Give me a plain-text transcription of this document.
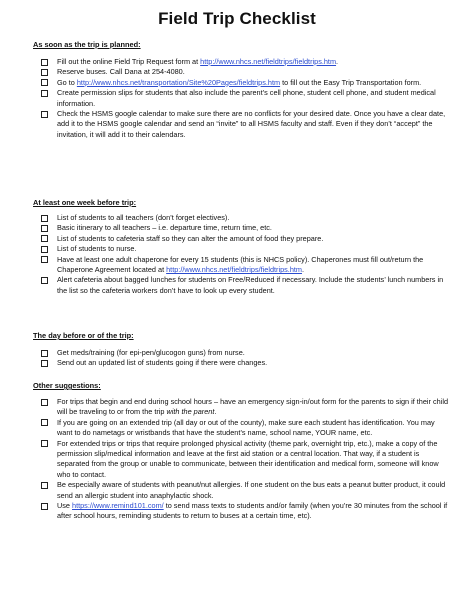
Field Trip Checklist
As soon as the trip is planned:
Fill out the online Field Trip Request form at http://www.nhcs.net/fieldtrips/fieldtrips.htm.
Reserve buses. Call Dana at 254-4080.
Go to http://www.nhcs.net/transportation/Site%20Pages/fieldtrips.htm to fill out the Easy Trip Transportation form.
Create permission slips for students that also include the parent’s cell phone, student cell phone, and student medical information.
Check the HSMS google calendar to make sure there are no conflicts for your desired date. Once you have a clear date, add it to the HSMS google calendar and send an “invite” to all HSMS faculty and staff. Even if they don’t “accept” the invitation, it will add it to their calendars.
At least one week before trip:
List of students to all teachers (don’t forget electives).
Basic itinerary to all teachers – i.e. departure time, return time, etc.
List of students to cafeteria staff so they can alter the amount of food they prepare.
List of students to nurse.
Have at least one adult chaperone for every 15 students (this is NHCS policy). Chaperones must fill out/return the Chaperone Agreement located at http://www.nhcs.net/fieldtrips/fieldtrips.htm.
Alert cafeteria about bagged lunches for students on Free/Reduced if necessary. Include the students’ lunch numbers in the list so the cafeteria workers don’t have to look up every student.
The day before or of the trip:
Get meds/training (for epi-pen/glucogon guns) from nurse.
Send out an updated list of students going if there were changes.
Other suggestions:
For trips that begin and end during school hours – have an emergency sign-in/out form for the parents to sign if their child will be traveling to or from the trip with the parent.
If you are going on an extended trip (all day or out of the county), make sure each student has identification. You may want to do nametags or wristbands that have the student’s name, school name, YOUR name, etc.
For extended trips or trips that require prolonged physical activity (theme park, overnight trip, etc.), make a copy of the permission slip/medical information and leave at the first aid station or a central location. That way, if a student is separated from the group or unable to communicate, between their identification and medical form, someone will know who to contact.
Be especially aware of students with peanut/nut allergies. If one student on the bus eats a peanut butter product, it could send an allergic student into anaphylactic shock.
Use https://www.remind101.com/ to send mass texts to students and/or family (when you’re 30 minutes from the school if after school hours, reminding students to return to buses at a certain time, etc).
